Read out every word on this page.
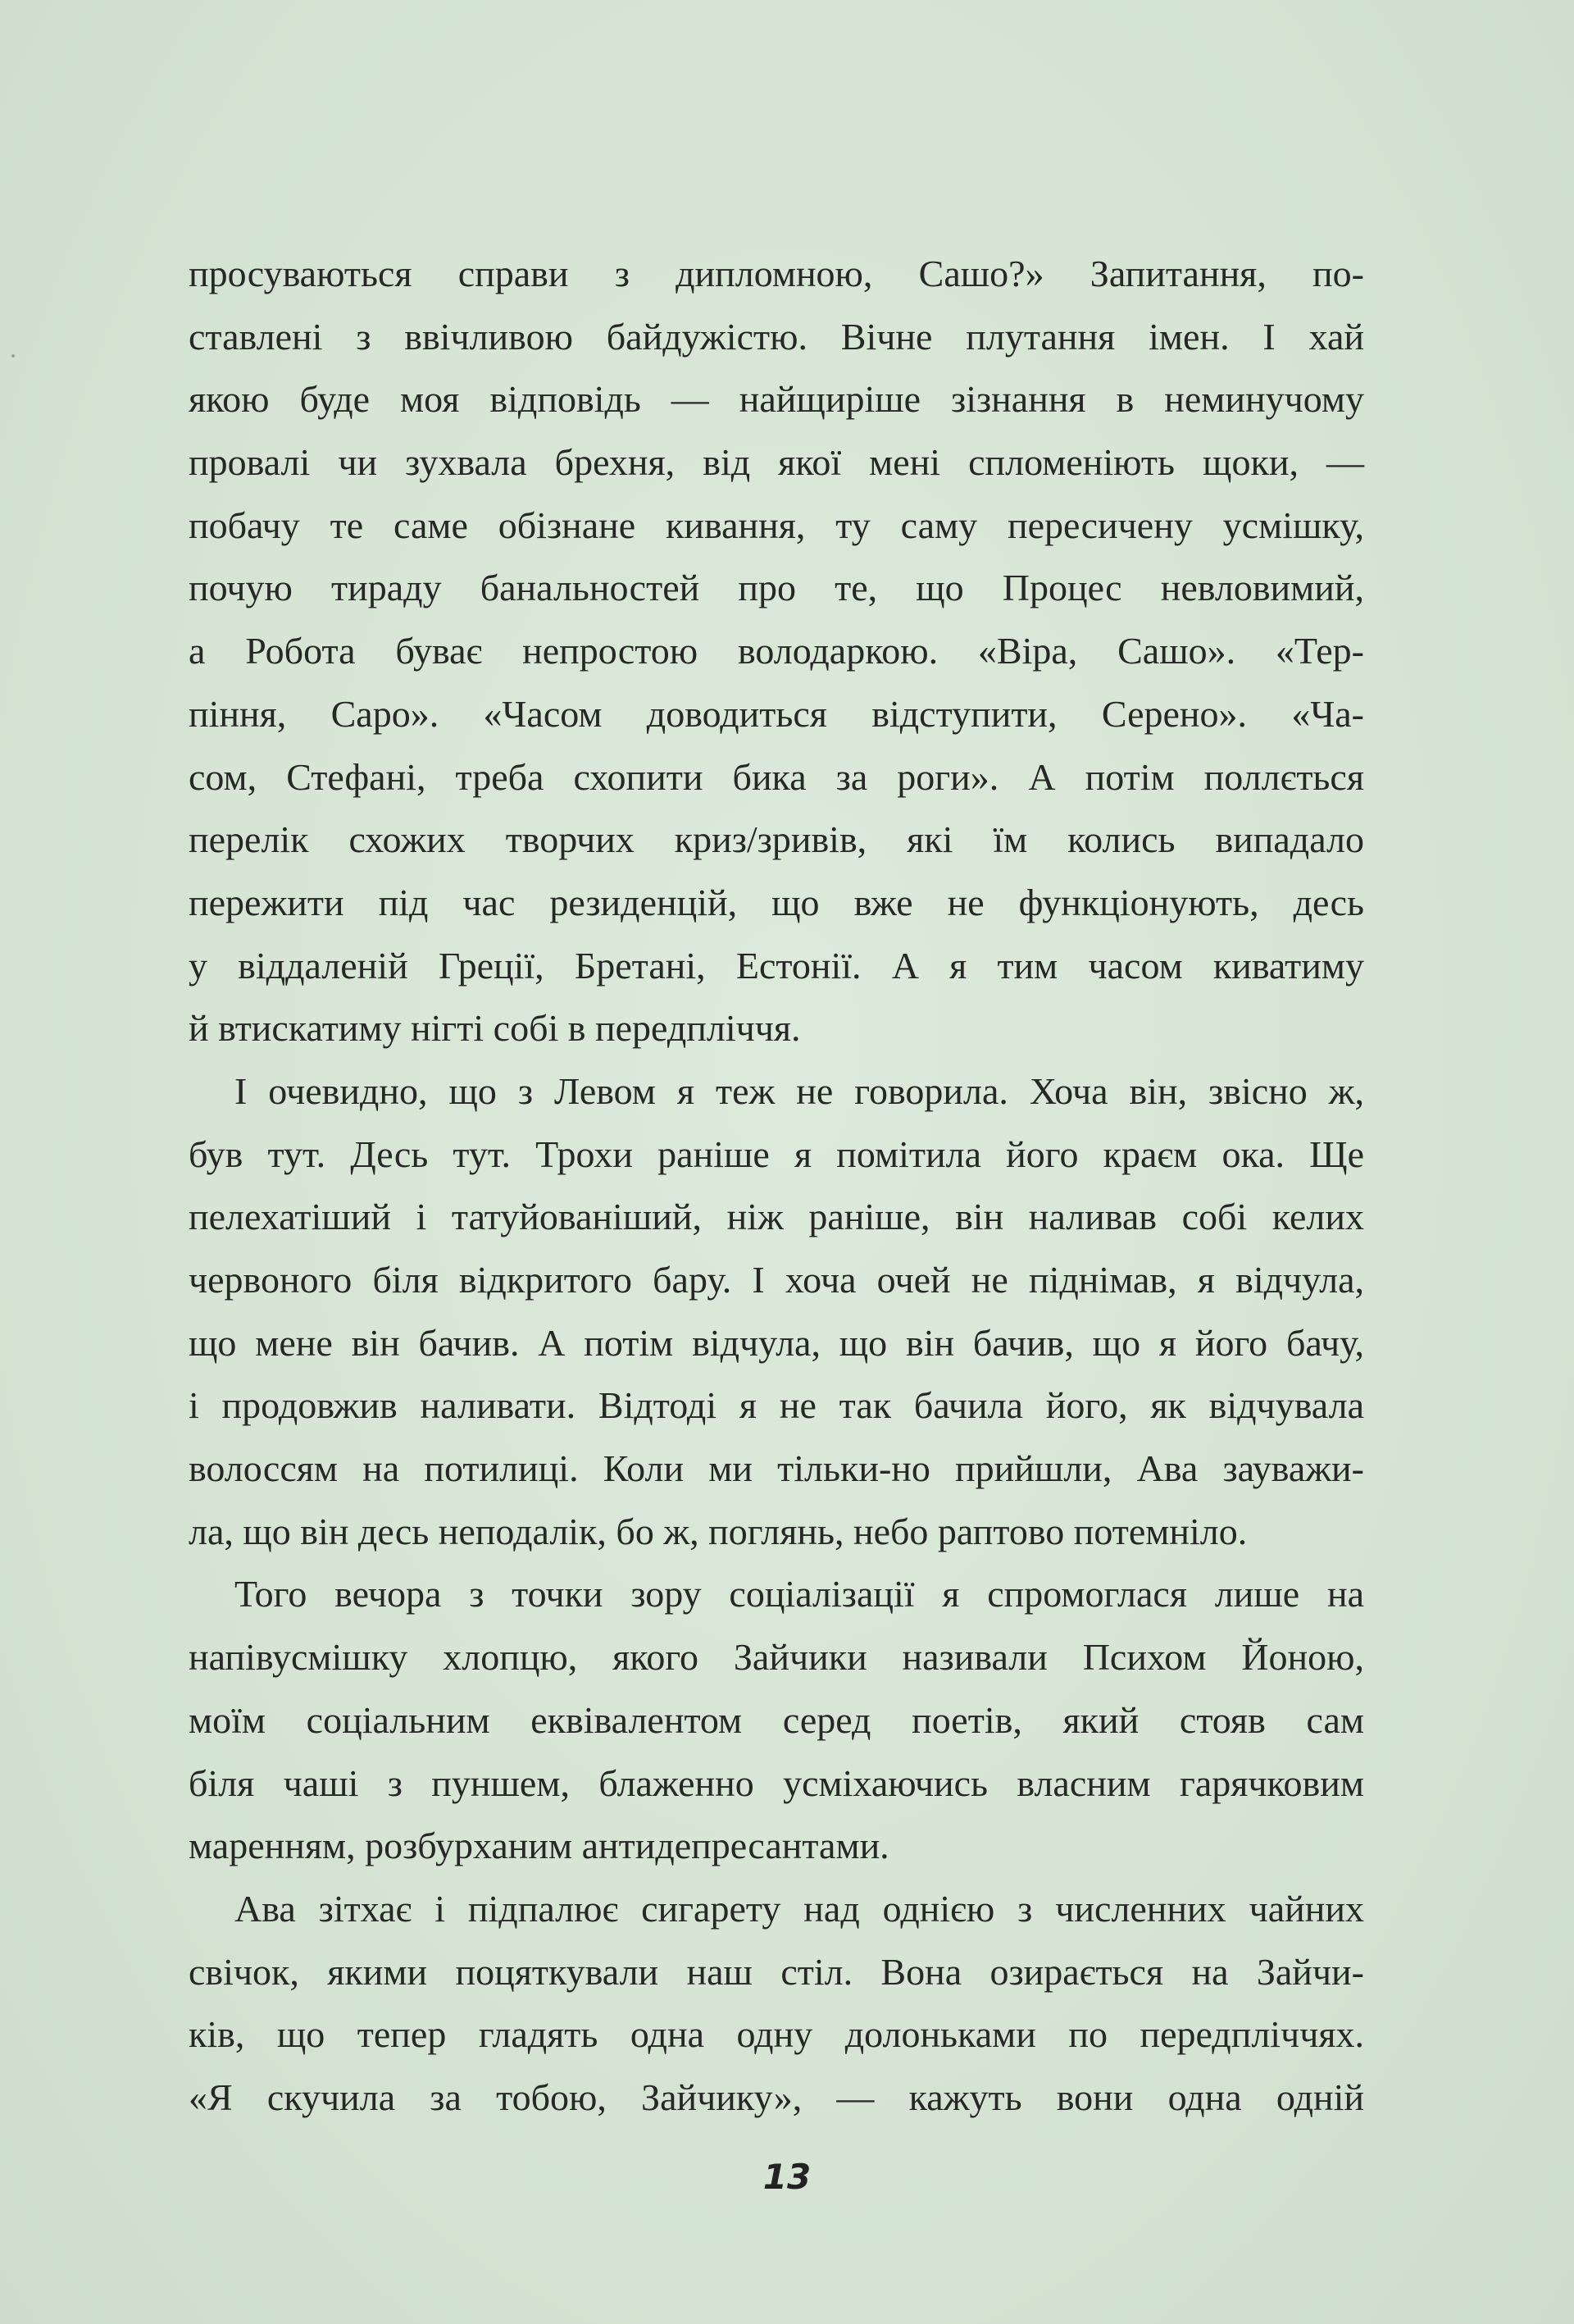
просуваються справи з дипломною, Сашо?» Запитання, по-
ставлені з ввічливою байдужістю. Вічне плутання імен. І хай
якою буде моя відповідь — найщиріше зізнання в неминучому
провалі чи зухвала брехня, від якої мені спломеніють щоки, —
побачу те саме обізнане кивання, ту саму пересичену усмішку,
почую тираду банальностей про те, що Процес невловимий,
а Робота буває непростою володаркою. «Віра, Сашо». «Тер-
піння, Саро». «Часом доводиться відступити, Серено». «Ча-
сом, Стефані, треба схопити бика за роги». А потім поллється
перелік схожих творчих криз/зривів, які їм колись випадало
пережити під час резиденцій, що вже не функціонують, десь
у віддаленій Греції, Бретані, Естонії. А я тим часом киватиму
й втискатиму нігті собі в передпліччя.
І очевидно, що з Левом я теж не говорила. Хоча він, звісно ж,
був тут. Десь тут. Трохи раніше я помітила його краєм ока. Ще
пелехатіший і татуйованіший, ніж раніше, він наливав собі келих
червоного біля відкритого бару. І хоча очей не піднімав, я відчула,
що мене він бачив. А потім відчула, що він бачив, що я його бачу,
і продовжив наливати. Відтоді я не так бачила його, як відчувала
волоссям на потилиці. Коли ми тільки-но прийшли, Ава зауважи-
ла, що він десь неподалік, бо ж, поглянь, небо раптово потемніло.
Того вечора з точки зору соціалізації я спромоглася лише на
напівусмішку хлопцю, якого Зайчики називали Психом Йоною,
моїм соціальним еквівалентом серед поетів, який стояв сам
біля чаші з пуншем, блаженно усміхаючись власним гарячковим
маренням, розбурханим антидепресантами.
Ава зітхає і підпалює сигарету над однією з численних чайних
свічок, якими поцяткували наш стіл. Вона озирається на Зайчи-
ків, що тепер гладять одна одну долоньками по передпліччях.
«Я скучила за тобою, Зайчику», — кажуть вони одна одній
13
